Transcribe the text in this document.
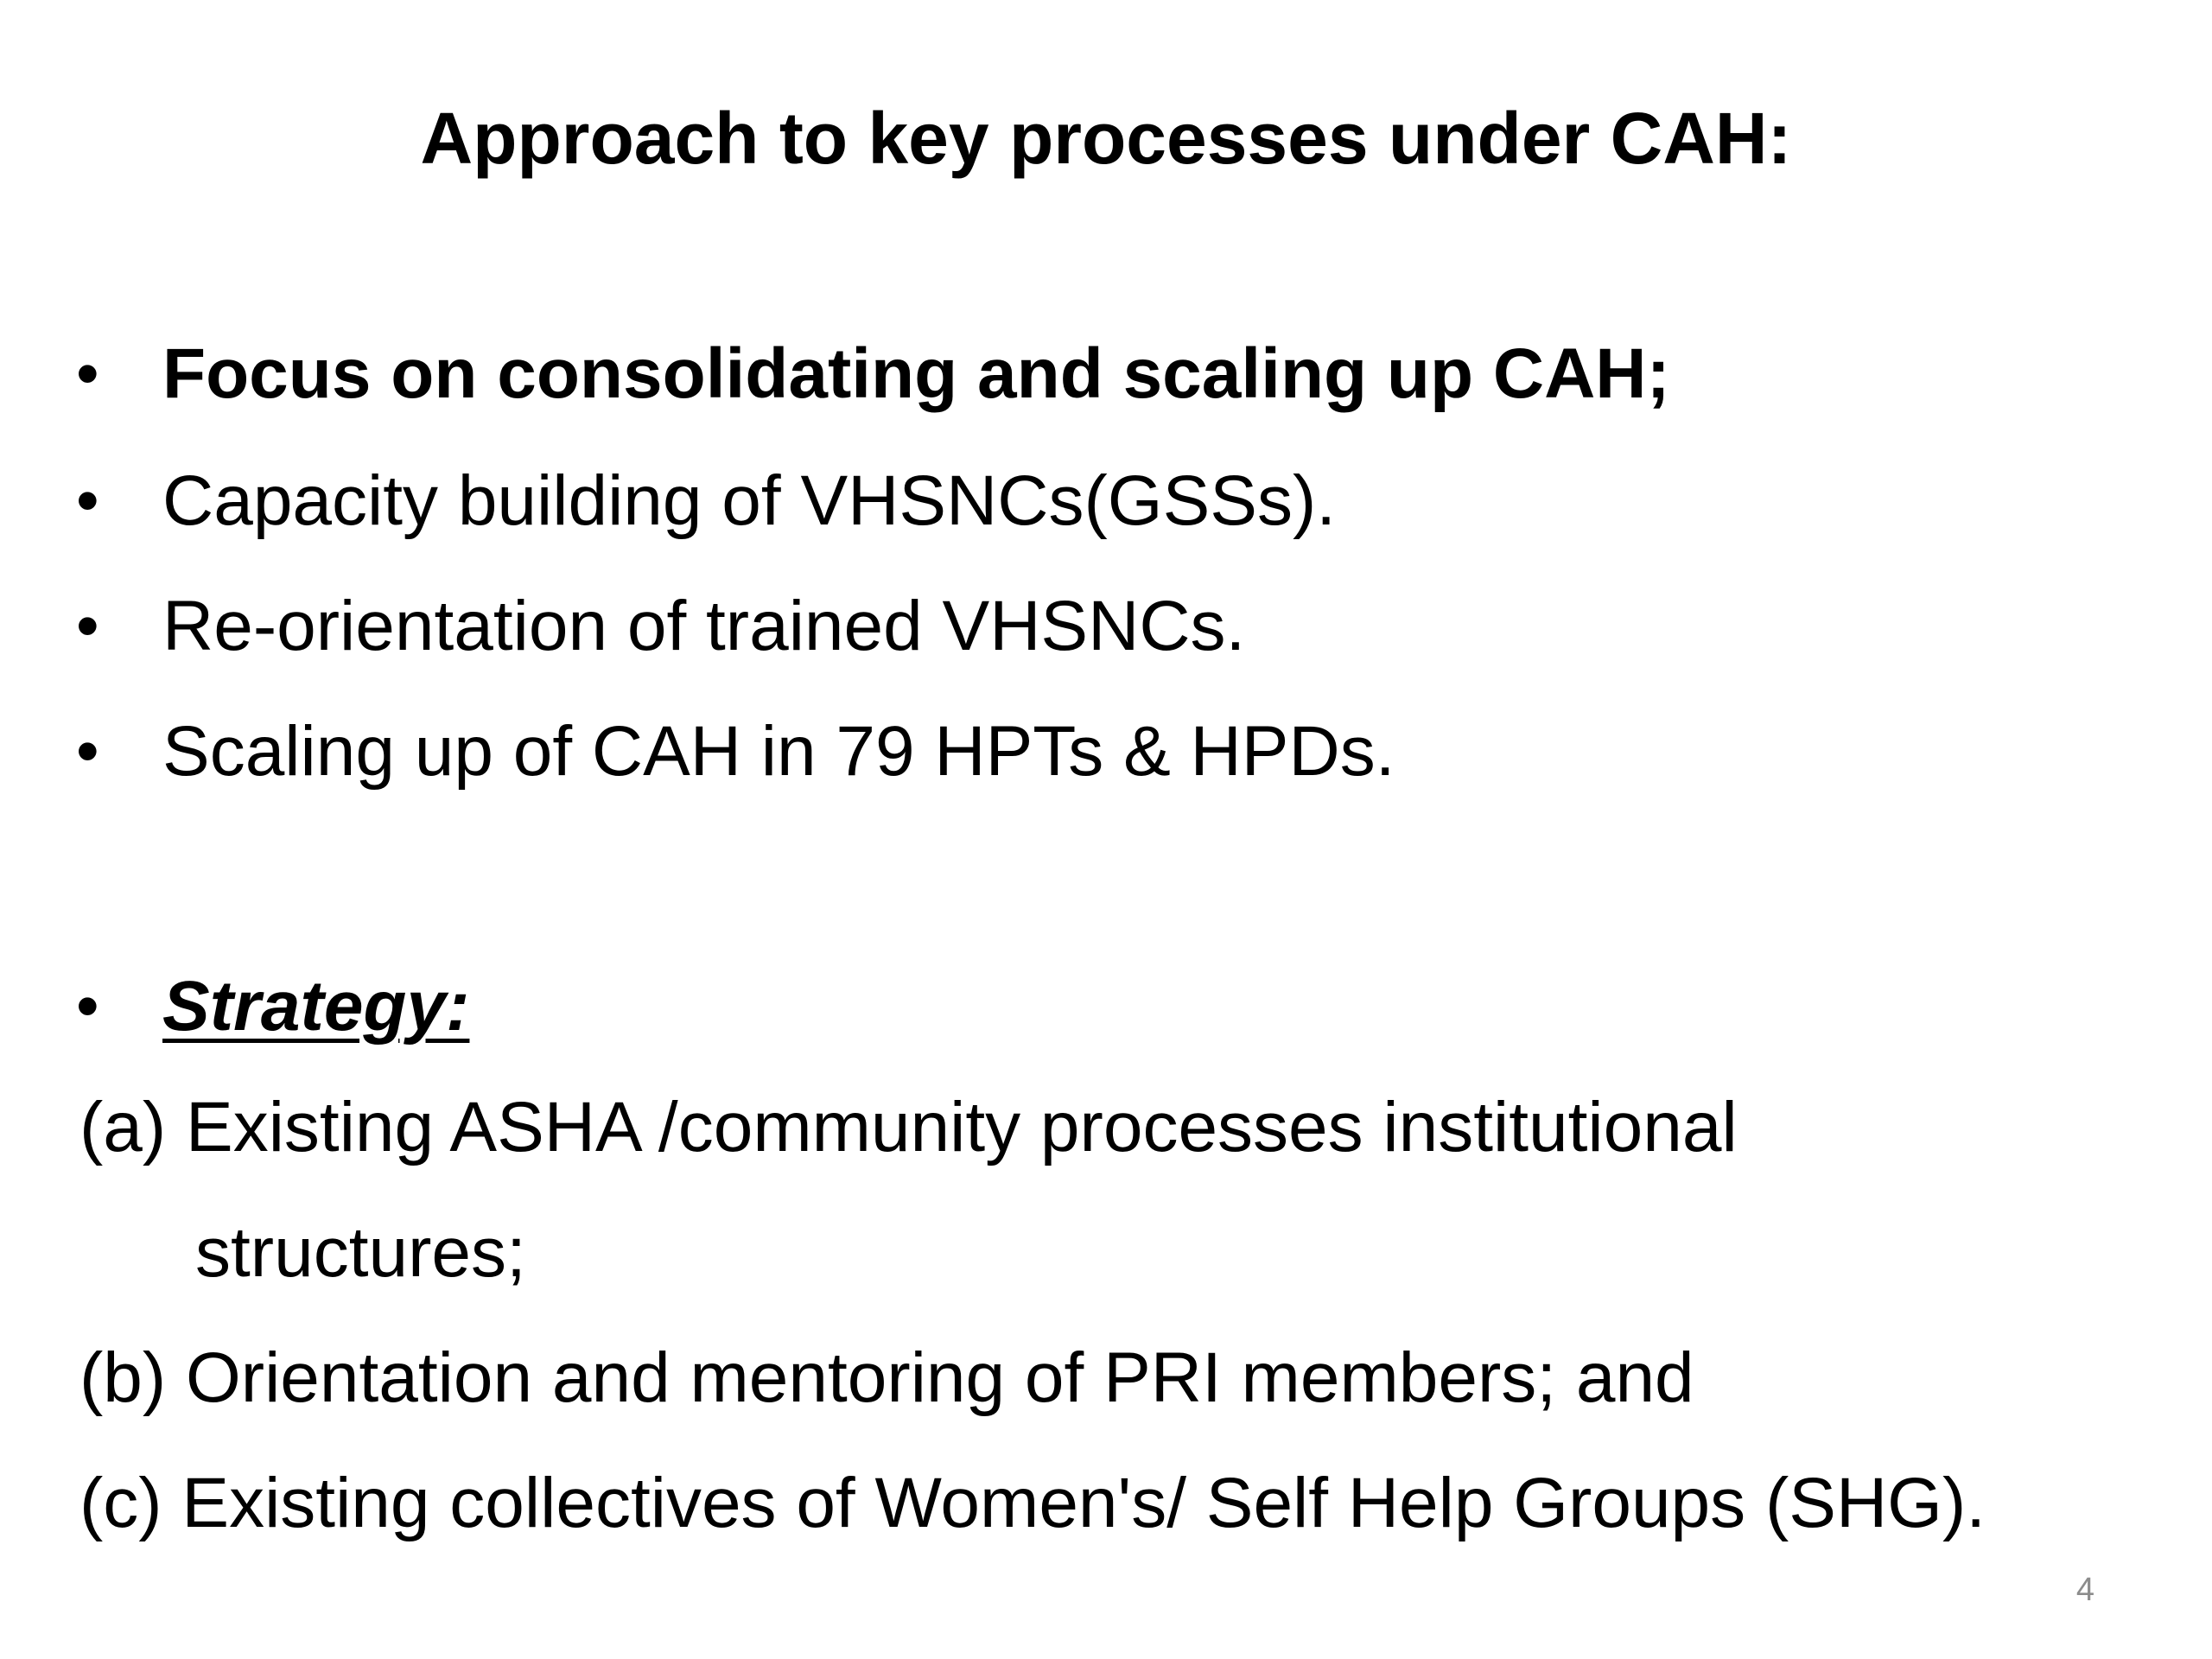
Approach to key processes under CAH:
• Focus on consolidating and scaling up CAH;
• Capacity building of VHSNCs(GSSs).
• Re-orientation of trained VHSNCs.
• Scaling up of CAH in 79 HPTs & HPDs.
• Strategy:
(a) Existing ASHA /community processes institutional
structures;
(b) Orientation and mentoring of PRI members; and
(c) Existing collectives of Women's/ Self Help Groups (SHG).
4
